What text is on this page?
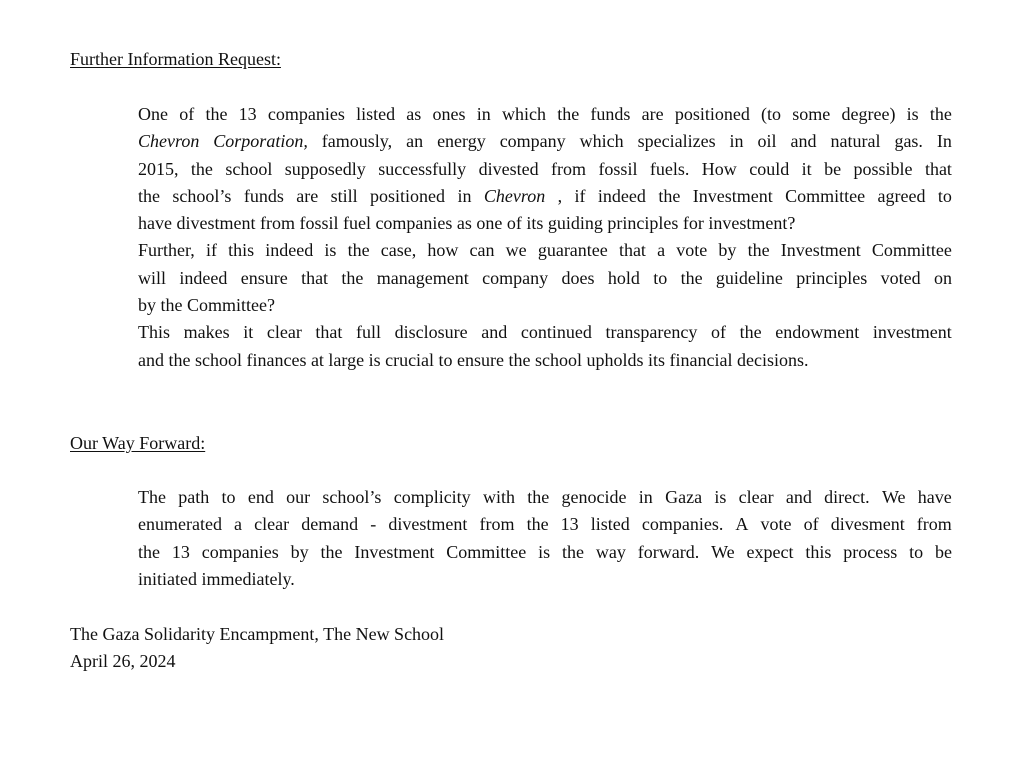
Further Information Request:
One of the 13 companies listed as ones in which the funds are positioned (to some degree) is the
Chevron Corporation, famously, an energy company which specializes in oil and natural gas. In
2015, the school supposedly successfully divested from fossil fuels. How could it be possible that
the school’s funds are still positioned in Chevron , if indeed the Investment Committee agreed to
have divestment from fossil fuel companies as one of its guiding principles for investment?
Further, if this indeed is the case, how can we guarantee that a vote by the Investment Committee
will indeed ensure that the management company does hold to the guideline principles voted on
by the Committee?
This makes it clear that full disclosure and continued transparency of the endowment investment
and the school finances at large is crucial to ensure the school upholds its financial decisions.
Our Way Forward:
The path to end our school’s complicity with the genocide in Gaza is clear and direct. We have
enumerated a clear demand - divestment from the 13 listed companies. A vote of divesment from
the 13 companies by the Investment Committee is the way forward. We expect this process to be
initiated immediately.
The Gaza Solidarity Encampment, The New School
April 26, 2024
